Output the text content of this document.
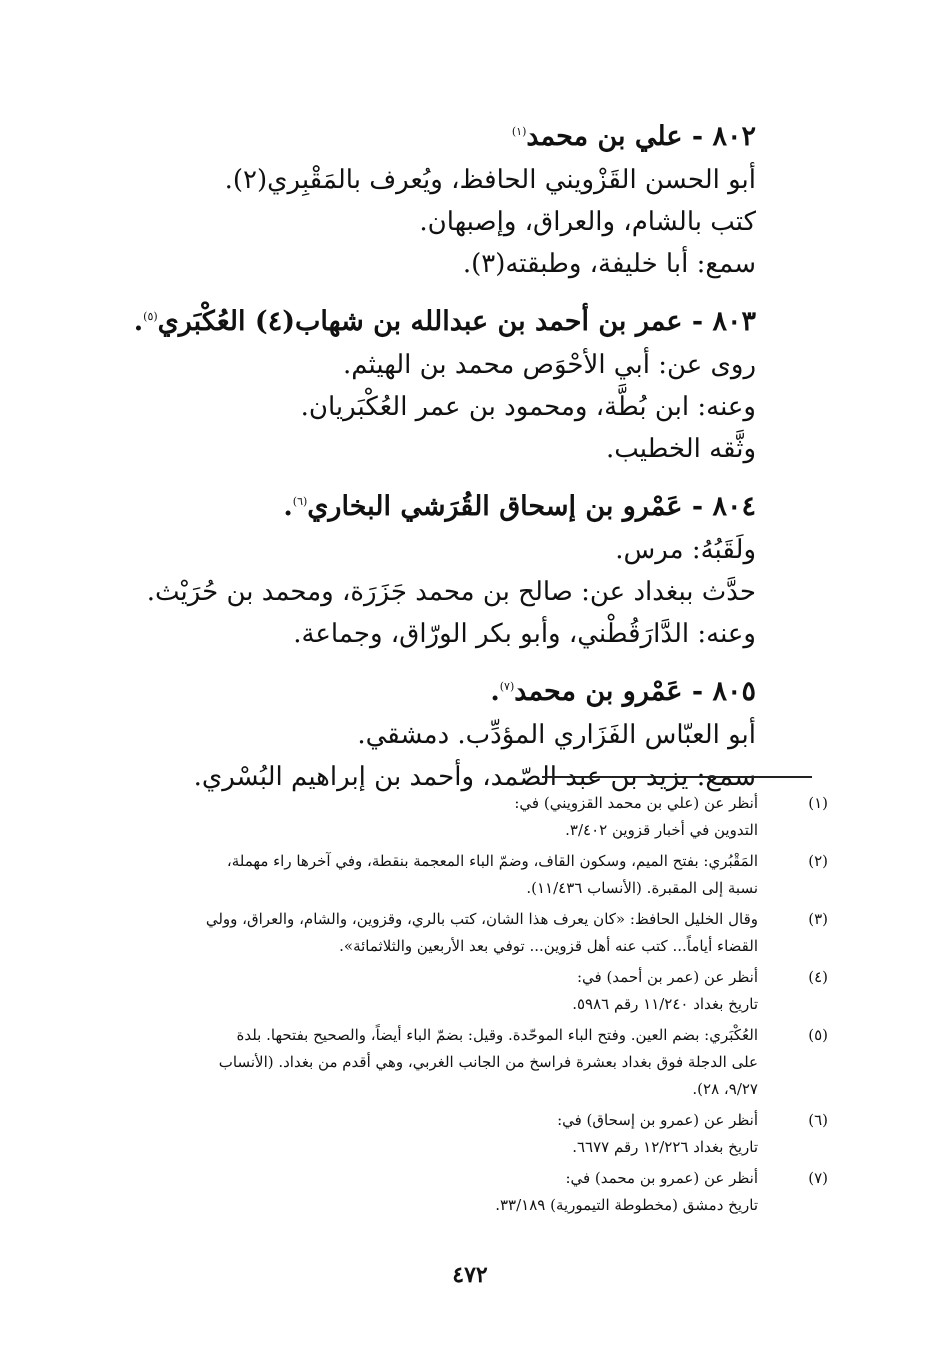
٨٠٢ - علي بن محمد$^{(١)}$
أبو الحسن القَزْويني الحافظ، ويُعرف بالمَقْبِري(٢).
كتب بالشام، والعراق، وإصبهان.
سمع: أبا خليفة، وطبقته(٣).
٨٠٣ - عمر بن أحمد بن عبدالله بن شهاب(٤) العُكْبَري$^{(٥)}$.
روى عن: أبي الأحْوَص محمد بن الهيثم.
وعنه: ابن بُطَّة، ومحمود بن عمر العُكْبَريان.
وثَّقه الخطيب.
٨٠٤ - عَمْرو بن إسحاق القُرَشي البخاري$^{(٦)}$.
ولَقَبُهُ: مرس.
حدَّث ببغداد عن: صالح بن محمد جَزَرَة، ومحمد بن حُرَيْث.
وعنه: الدَّارَقُطْني، وأبو بكر الورّاق، وجماعة.
٨٠٥ - عَمْرو بن محمد$^{(٧)}$.
أبو العبّاس الفَزَاري المؤدِّب. دمشقي.
سمع: يزيد بن عبد الصّمد، وأحمد بن إبراهيم البُسْري.
(١)
أنظر عن (علي بن محمد القزويني) في:
التدوين في أخبار قزوين ٣/٤٠٢.
(٢)
المَقْبُري: بفتح الميم، وسكون القاف، وضمّ الباء المعجمة بنقطة، وفي آخرها راء مهملة،
نسبة إلى المقبرة. (الأنساب ١١/٤٣٦).
(٣)
وقال الخليل الحافظ: «كان يعرف هذا الشان، كتب بالري، وقزوين، والشام، والعراق، وولي
القضاء أياماً... كتب عنه أهل قزوين... توفي بعد الأربعين والثلاثمائة».
(٤)
أنظر عن (عمر بن أحمد) في:
تاريخ بغداد ١١/٢٤٠ رقم ٥٩٨٦.
(٥)
العُكْبَري: بضم العين. وفتح الباء الموحّدة. وقيل: بضمّ الباء أيضاً، والصحيح بفتحها. بلدة
على الدجلة فوق بغداد بعشرة فراسخ من الجانب الغربي، وهي أقدم من بغداد. (الأنساب
٩/٢٧، ٢٨).
(٦)
أنظر عن (عمرو بن إسحاق) في:
تاريخ بغداد ١٢/٢٢٦ رقم ٦٦٧٧.
(٧)
أنظر عن (عمرو بن محمد) في:
تاريخ دمشق (مخطوطة التيمورية) ٣٣/١٨٩.
٤٧٢
